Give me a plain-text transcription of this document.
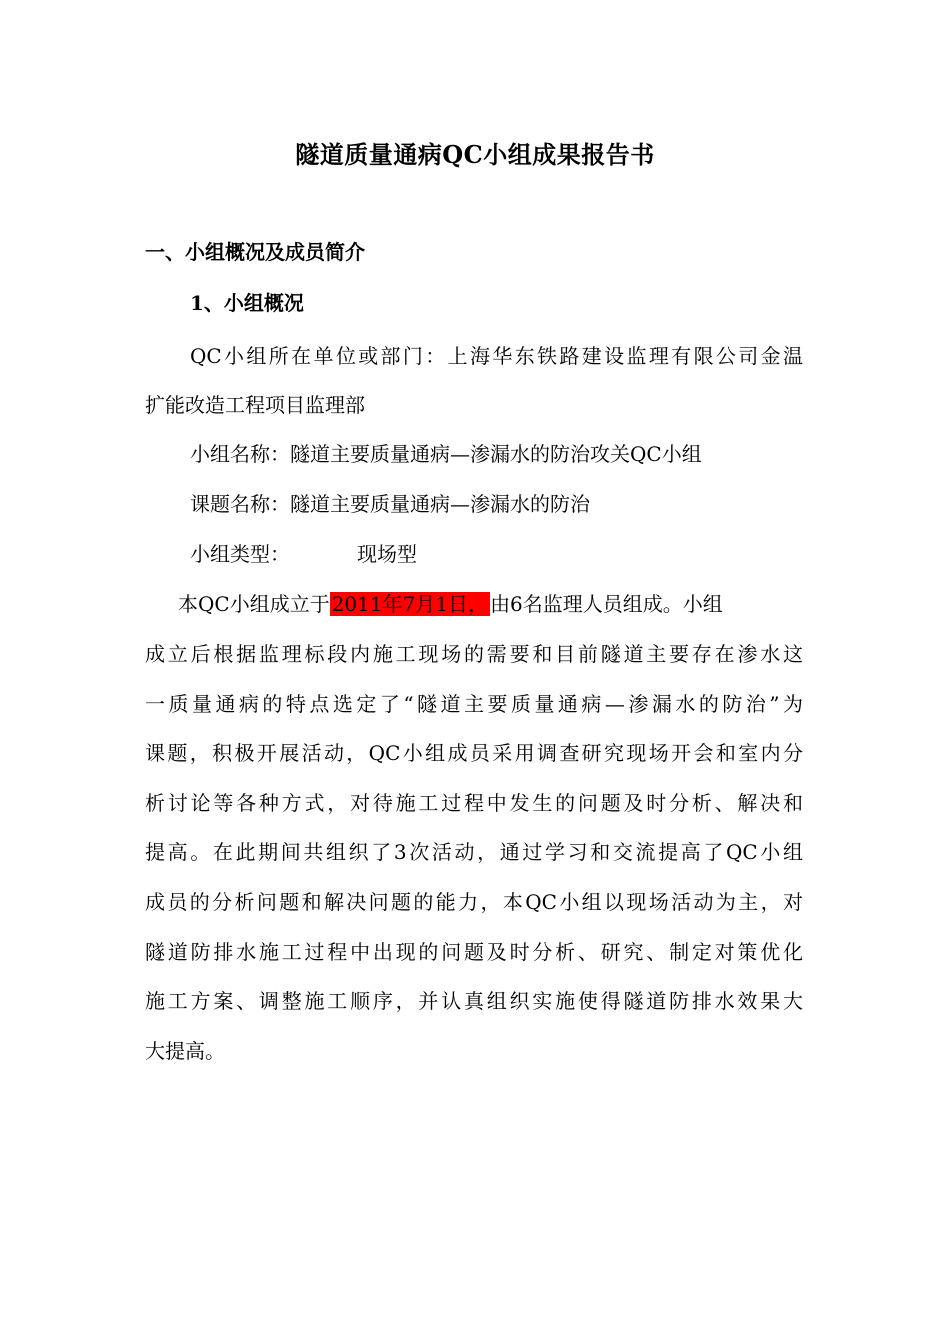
隧道质量通病QC小组成果报告书
一、小组概况及成员简介
1、小组概况
QC小组所在单位或部门：上海华东铁路建设监理有限公司金温
扩能改造工程项目监理部
小组名称：隧道主要质量通病—渗漏水的防治攻关QC小组
课题名称：隧道主要质量通病—渗漏水的防治
小组类型：	现场型
本QC小组成立于 2011年7月1日， 由6名监理人员组成。小组
成立后根据监理标段内施工现场的需要和目前隧道主要存在渗水这
一质量通病的特点选定了“隧道主要质量通病—渗漏水的防治”为
课题，积极开展活动，QC小组成员采用调查研究现场开会和室内分
析讨论等各种方式，对待施工过程中发生的问题及时分析、解决和
提高。在此期间共组织了3次活动，通过学习和交流提高了QC小组
成员的分析问题和解决问题的能力，本QC小组以现场活动为主，对
隧道防排水施工过程中出现的问题及时分析、研究、制定对策优化
施工方案、调整施工顺序，并认真组织实施使得隧道防排水效果大
大提高。
